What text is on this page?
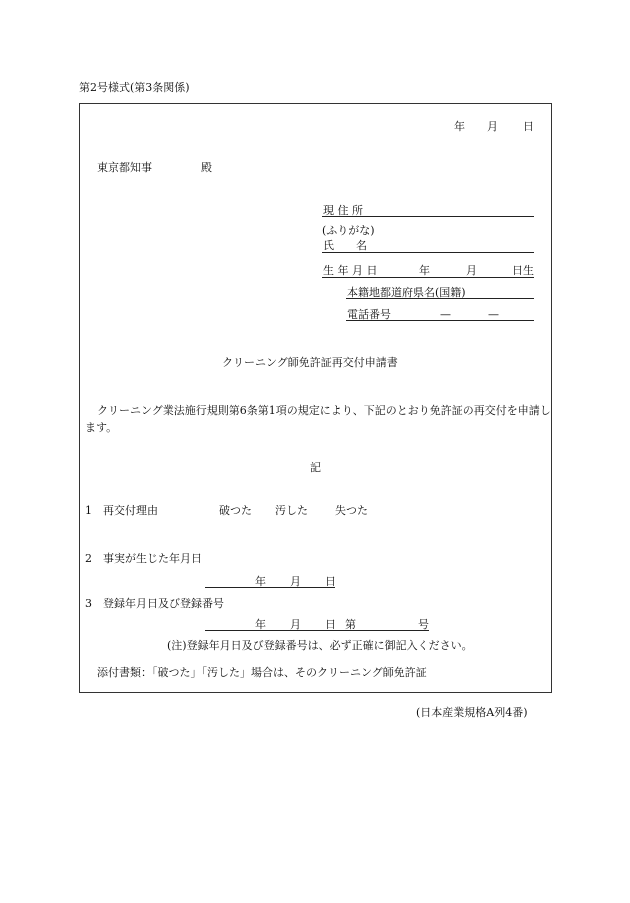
第2号様式(第3条関係)
年 月 日
東京都知事	殿
現 住 所
(ふりがな)
氏　　名
生 年 月 日	年	月	日生
本籍地都道府県名(国籍)
電話番号	—	—
クリーニング師免許証再交付申請書
クリーニング業法施行規則第6条第1項の規定により、下記のとおり免許証の再交付を申請します。
記
1 再交付理由	破つた 汚した 失つた
2 事実が生じた年月日
年 月 日
3 登録年月日及び登録番号
年 月 日 第	号
(注)登録年月日及び登録番号は、必ず正確に御記入ください。
添付書類：「破つた」「汚した」場合は、そのクリーニング師免許証
(日本産業規格A列4番)
